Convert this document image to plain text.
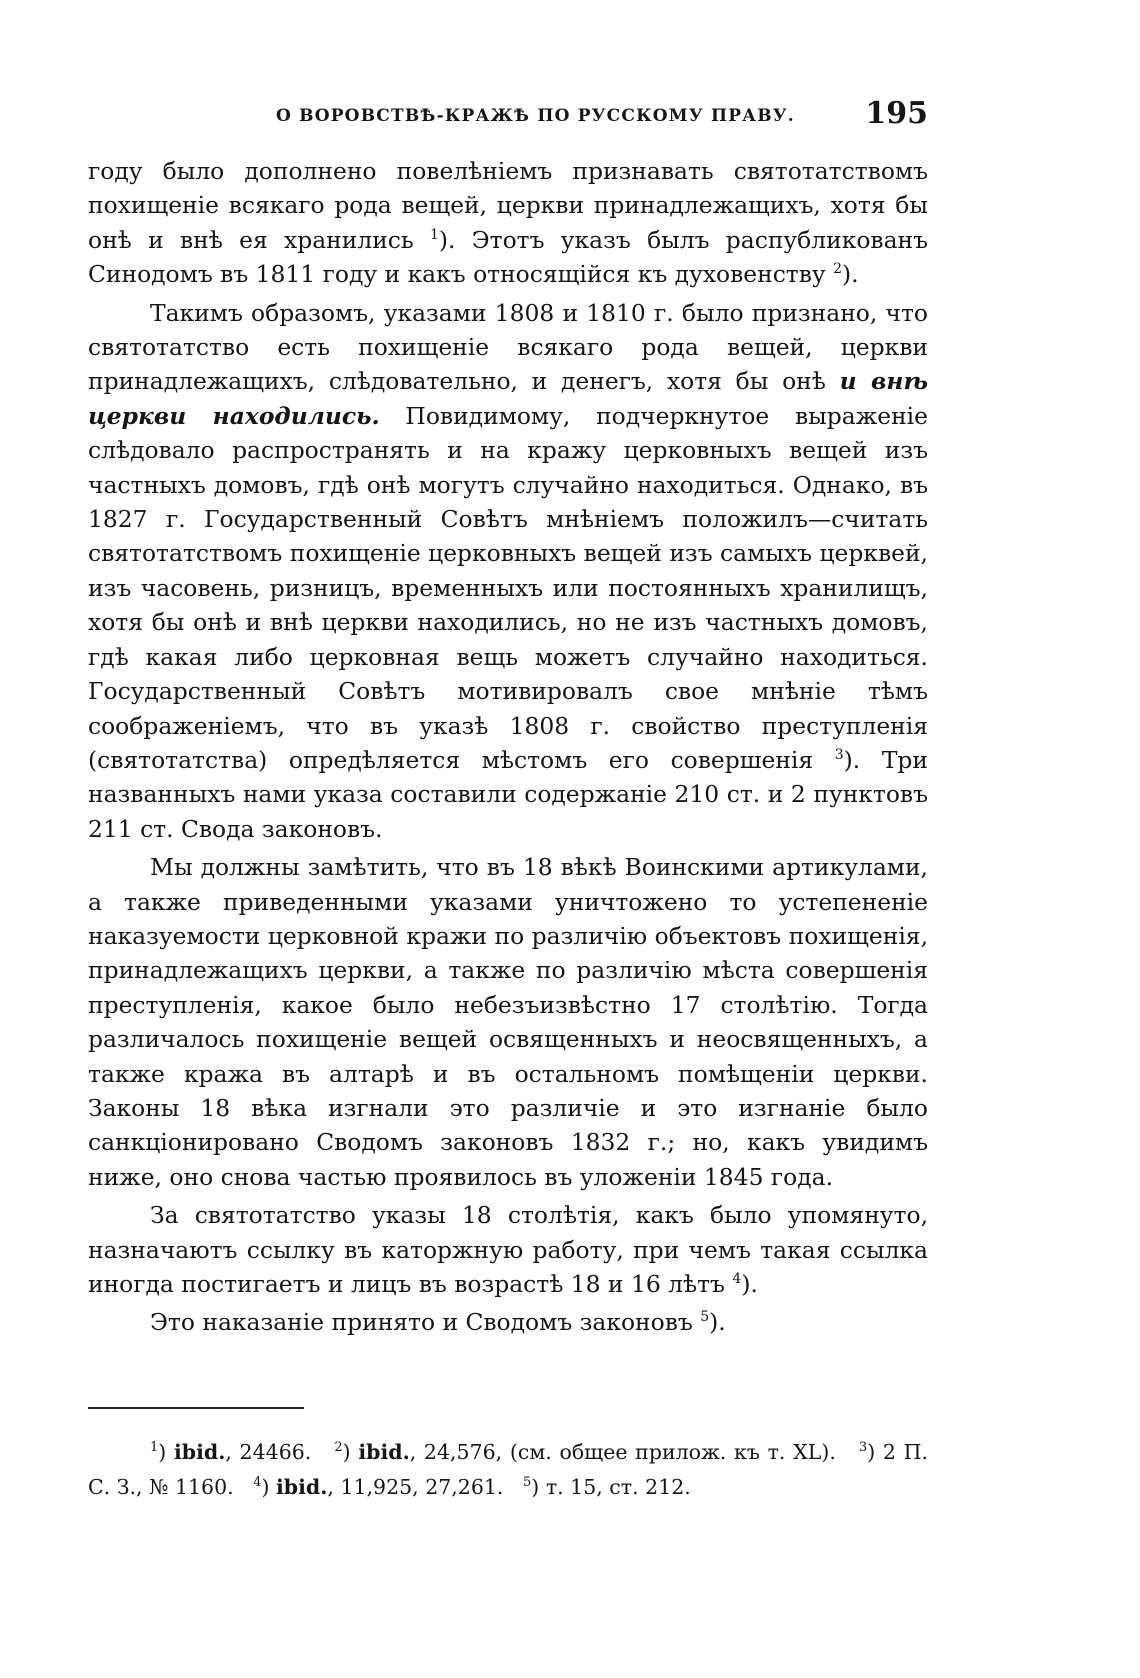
О ВОРОВСТВѢ-КРАЖѢ ПО РУССКОМУ ПРАВУ. 195

году было дополнено повелѣніемъ признавать святотатствомъ похищеніе всякаго рода вещей, церкви принадлежащихъ, хотя бы онѣ и внѣ ея хранились $^1$). Этотъ указъ былъ распубликованъ Синодомъ въ 1811 году и какъ относящійся къ духовенству $^2$).

Такимъ образомъ, указами 1808 и 1810 г. было признано, что святотатство есть похищеніе всякаго рода вещей, церкви принадлежащихъ, слѣдовательно, и денегъ, хотя бы онѣ и внѣ церкви находились. Повидимому, подчеркнутое выраженіе слѣдовало распространять и на кражу церковныхъ вещей изъ частныхъ домовъ, гдѣ онѣ могутъ случайно находиться. Однако, въ 1827 г. Государственный Совѣтъ мнѣніемъ положилъ—считать святотатствомъ похищеніе церковныхъ вещей изъ самыхъ церквей, изъ часовень, ризницъ, временныхъ или постоянныхъ хранилищъ, хотя бы онѣ и внѣ церкви находились, но не изъ частныхъ домовъ, гдѣ какая либо церковная вещь можетъ случайно находиться. Государственный Совѣтъ мотивировалъ свое мнѣніе тѣмъ соображеніемъ, что въ указѣ 1808 г. свойство преступленія (святотатства) опредѣляется мѣстомъ его совершенія $^3$). Три названныхъ нами указа составили содержаніе 210 ст. и 2 пунктовъ 211 ст. Свода законовъ.

Мы должны замѣтить, что въ 18 вѣкѣ Воинскими артикулами, а также приведенными указами уничтожено то устепененіе наказуемости церковной кражи по различію объектовъ похищенія, принадлежащихъ церкви, а также по различію мѣста совершенія преступленія, какое было небезъизвѣстно 17 столѣтію. Тогда различалось похищеніе вещей освященныхъ и неосвященныхъ, а также кража въ алтарѣ и въ остальномъ помѣщеніи церкви. Законы 18 вѣка изгнали это различіе и это изгнаніе было санкціонировано Сводомъ законовъ 1832 г.; но, какъ увидимъ ниже, оно снова частью проявилось въ уложеніи 1845 года.

За святотатство указы 18 столѣтія, какъ было упомянуто, назначаютъ ссылку въ каторжную работу, при чемъ такая ссылка иногда постигаетъ и лицъ въ возрастѣ 18 и 16 лѣтъ $^4$).

Это наказаніе принято и Сводомъ законовъ $^5$).

$^1$) ibid., 24466. $^2$) ibid., 24,576, (см. общее прилож. къ т. XL). $^3$) 2 П. С. З., № 1160. $^4$) ibid., 11,925, 27,261. $^5$) т. 15, ст. 212.
